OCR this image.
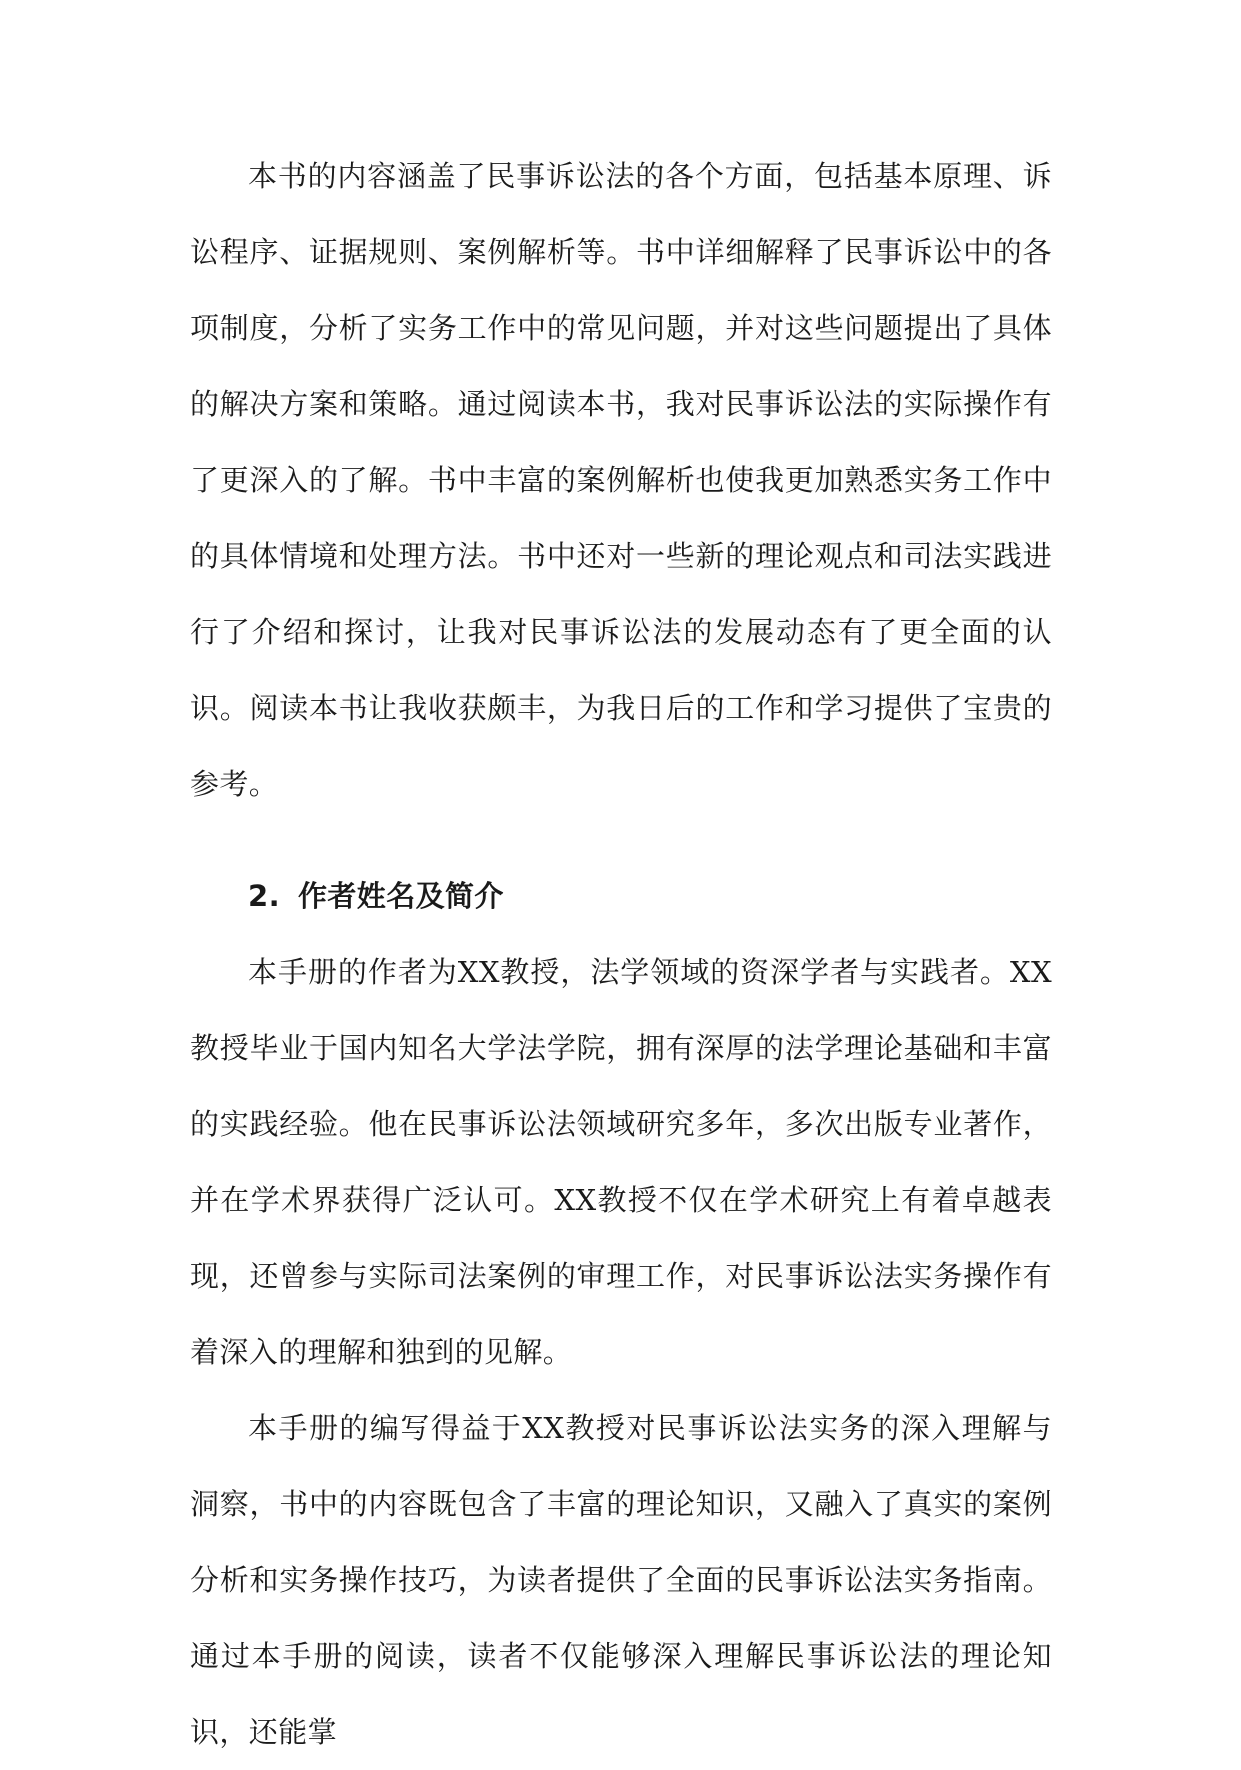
本书的内容涵盖了民事诉讼法的各个方面，包括基本原理、诉讼程序、证据规则、案例解析等。书中详细解释了民事诉讼中的各项制度，分析了实务工作中的常见问题，并对这些问题提出了具体的解决方案和策略。通过阅读本书，我对民事诉讼法的实际操作有了更深入的了解。书中丰富的案例解析也使我更加熟悉实务工作中的具体情境和处理方法。书中还对一些新的理论观点和司法实践进行了介绍和探讨，让我对民事诉讼法的发展动态有了更全面的认识。阅读本书让我收获颇丰，为我日后的工作和学习提供了宝贵的参考。

2. 作者姓名及简介

本手册的作者为XX教授，法学领域的资深学者与实践者。XX教授毕业于国内知名大学法学院，拥有深厚的法学理论基础和丰富的实践经验。他在民事诉讼法领域研究多年，多次出版专业著作，并在学术界获得广泛认可。XX教授不仅在学术研究上有着卓越表现，还曾参与实际司法案例的审理工作，对民事诉讼法实务操作有着深入的理解和独到的见解。

本手册的编写得益于XX教授对民事诉讼法实务的深入理解与洞察，书中的内容既包含了丰富的理论知识，又融入了真实的案例分析和实务操作技巧，为读者提供了全面的民事诉讼法实务指南。通过本手册的阅读，读者不仅能够深入理解民事诉讼法的理论知识，还能掌
